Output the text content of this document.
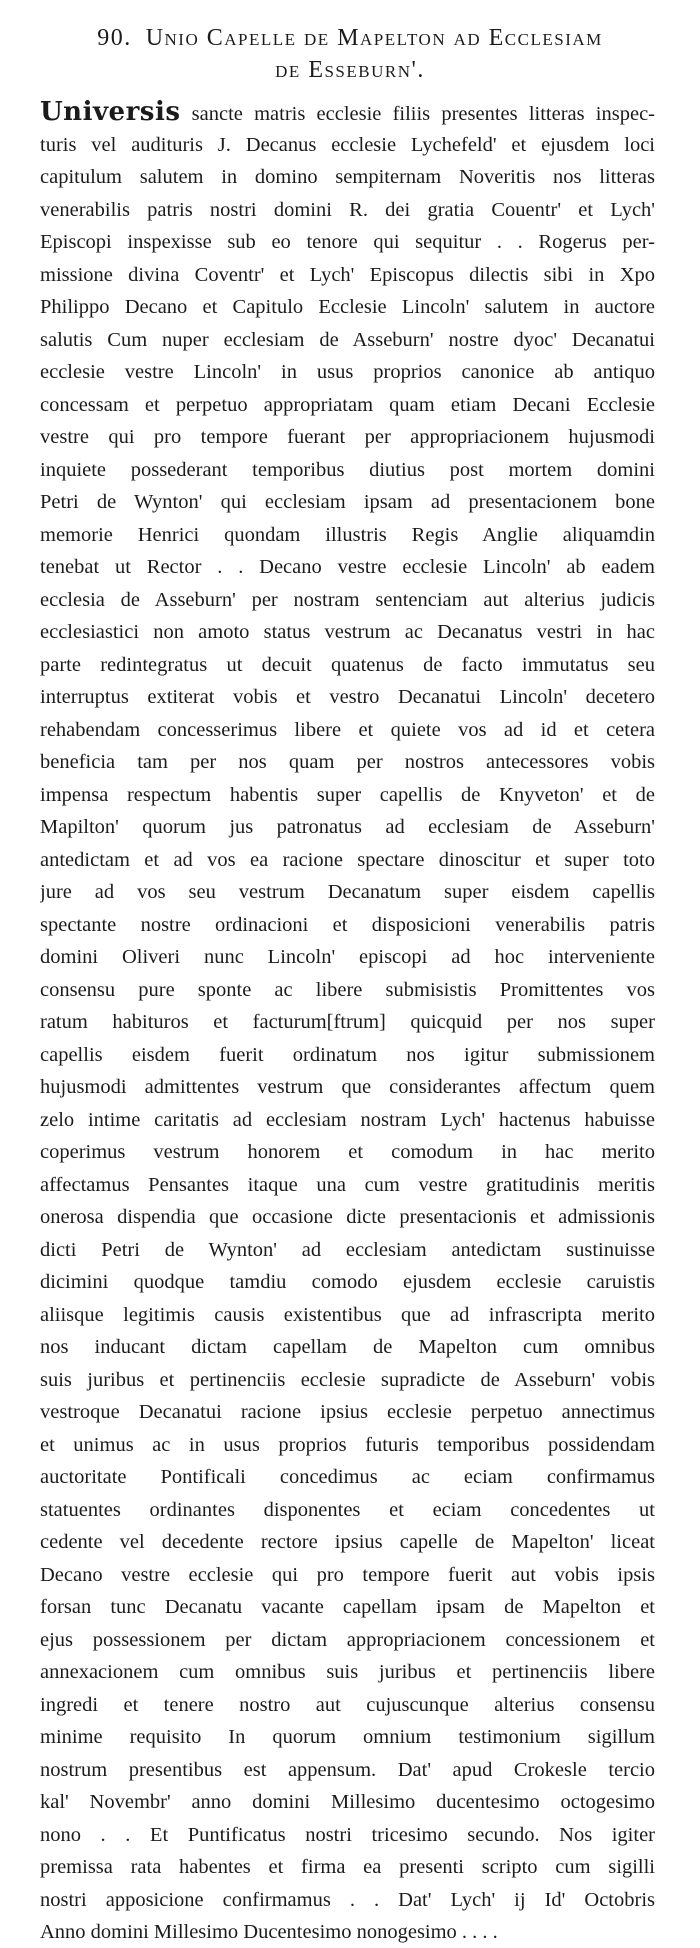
90. Unio Capelle de Mapelton ad Ecclesiam
de Esseburn'.
Universis sancte matris ecclesie filiis presentes litteras inspec-
turis vel audituris J. Decanus ecclesie Lychefeld' et ejusdem loci
capitulum salutem in domino sempiternam Noveritis nos litteras
venerabilis patris nostri domini R. dei gratia Couentr' et Lych'
Episcopi inspexisse sub eo tenore qui sequitur . . Rogerus per-
missione divina Coventr' et Lych' Episcopus dilectis sibi in Xpo
Philippo Decano et Capitulo Ecclesie Lincoln' salutem in auctore
salutis Cum nuper ecclesiam de Asseburn' nostre dyoc' Decanatui
ecclesie vestre Lincoln' in usus proprios canonice ab antiquo
concessam et perpetuo appropriatam quam etiam Decani Ecclesie
vestre qui pro tempore fuerant per appropriacionem hujusmodi
inquiete possederant temporibus diutius post mortem domini
Petri de Wynton' qui ecclesiam ipsam ad presentacionem bone
memorie Henrici quondam illustris Regis Anglie aliquamdin
tenebat ut Rector . . Decano vestre ecclesie Lincoln' ab eadem
ecclesia de Asseburn' per nostram sentenciam aut alterius judicis
ecclesiastici non amoto status vestrum ac Decanatus vestri in hac
parte redintegratus ut decuit quatenus de facto immutatus seu
interruptus extiterat vobis et vestro Decanatui Lincoln' decetero
rehabendam concesserimus libere et quiete vos ad id et cetera
beneficia tam per nos quam per nostros antecessores vobis
impensa respectum habentis super capellis de Knyveton' et de
Mapilton' quorum jus patronatus ad ecclesiam de Asseburn'
antedictam et ad vos ea racione spectare dinoscitur et super toto
jure ad vos seu vestrum Decanatum super eisdem capellis
spectante nostre ordinacioni et disposicioni venerabilis patris
domini Oliveri nunc Lincoln' episcopi ad hoc interveniente
consensu pure sponte ac libere submisistis Promittentes vos
ratum habituros et facturum[ftrum] quicquid per nos super
capellis eisdem fuerit ordinatum nos igitur submissionem
hujusmodi admittentes vestrum que considerantes affectum quem
zelo intime caritatis ad ecclesiam nostram Lych' hactenus habuisse
coperimus vestrum honorem et comodum in hac merito
affectamus Pensantes itaque una cum vestre gratitudinis meritis
onerosa dispendia que occasione dicte presentacionis et admissionis
dicti Petri de Wynton' ad ecclesiam antedictam sustinuisse
dicimini quodque tamdiu comodo ejusdem ecclesie caruistis
aliisque legitimis causis existentibus que ad infrascripta merito
nos inducant dictam capellam de Mapelton cum omnibus
suis juribus et pertinenciis ecclesie supradicte de Asseburn' vobis
vestroque Decanatui racione ipsius ecclesie perpetuo annectimus
et unimus ac in usus proprios futuris temporibus possidendam
auctoritate Pontificali concedimus ac eciam confirmamus
statuentes ordinantes disponentes et eciam concedentes ut
cedente vel decedente rectore ipsius capelle de Mapelton' liceat
Decano vestre ecclesie qui pro tempore fuerit aut vobis ipsis
forsan tunc Decanatu vacante capellam ipsam de Mapelton et
ejus possessionem per dictam appropriacionem concessionem et
annexacionem cum omnibus suis juribus et pertinenciis libere
ingredi et tenere nostro aut cujuscunque alterius consensu
minime requisito In quorum omnium testimonium sigillum
nostrum presentibus est appensum. Dat' apud Crokesle tercio
kal' Novembr' anno domini Millesimo ducentesimo octogesimo
nono . . Et Puntificatus nostri tricesimo secundo. Nos igiter
premissa rata habentes et firma ea presenti scripto cum sigilli
nostri apposicione confirmamus . . Dat' Lych' ij Id' Octobris
Anno domini Millesimo Ducentesimo nonogesimo . . . .
